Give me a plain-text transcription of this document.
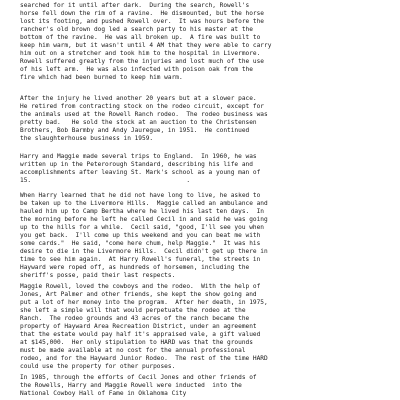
searched for it until after dark.  During the search, Rowell's
horse fell down the rim of a ravine.  He dismounted, but the horse
lost its footing, and pushed Rowell over.  It was hours before the
rancher's old brown dog led a search party to his master at the
bottom of the ravine.  He was all broken up.  A fire was built to
keep him warm, but it wasn't until 4 AM that they were able to carry
him out on a stretcher and took him to the hospital in Livermore.
Rowell suffered greatly from the injuries and lost much of the use
of his left arm.  He was also infected with poison oak from the
fire which had been burned to keep him warm.
After the injury he lived another 20 years but at a slower pace.
He retired from contracting stock on the rodeo circuit, except for
the animals used at the Rowell Ranch rodeo.  The rodeo business was
pretty bad.   He sold the stock at an auction to the Christensen
Brothers, Bob Barmby and Andy Jauregue, in 1951.  He continued
the slaughterhouse business in 1959.
Harry and Maggie made several trips to England.  In 1960, he was
written up in the Peterorough Standard, describing his life and
accomplishments after leaving St. Mark's school as a young man of
15.                                          .
When Harry learned that he did not have long to live, he asked to
be taken up to the Livermore Hills.  Maggie called an ambulance and
hauled him up to Camp Bertha where he lived his last ten days.  In
the morning before he left he called Cecil in and said he was going
up to the hills for a while.  Cecil said, "good, I'll see you when
you get back.  I'll come up this weekend and you can beat me with
some cards."  He said, "come here chum, help Maggie."  It was his
desire to die in the Livermore Hills.  Cecil didn't get up there in
time to see him again.  At Harry Rowell's funeral, the streets in
Hayward were roped off, as hundreds of horsemen, including the
sheriff's posse, paid their last respects.
Maggie Rowell, loved the cowboys and the rodeo.  With the help of
Jones, Art Palmer and other friends, she kept the show going and
put a lot of her money into the program.  After her death, in 1975,
she left a simple will that would perpetuate the rodeo at the
Ranch.  The rodeo grounds and 43 acres of the ranch became the
property of Hayward Area Recreation District, under an agreement
that the estate would pay half it's appraised vale, a gift valued
at $145,000.  Her only stipulation to HARD was that the grounds
must be made available at no cost for the annual professional
rodeo, and for the Hayward Junior Rodeo.  The rest of the time HARD
could use the property for other purposes.
In 1985, through the efforts of Cecil Jones and other friends of
the Rowells, Harry and Maggie Rowell were inducted  into the
National Cowboy Hall of Fame in Oklahoma City
